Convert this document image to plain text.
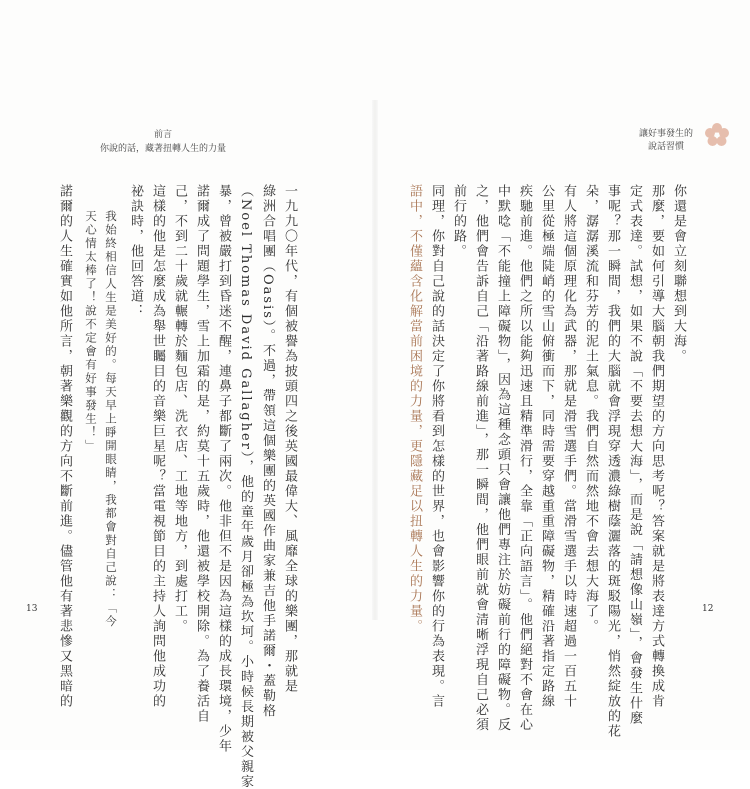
前言
你說的話，藏著扭轉人生的力量
一九九〇年代，有個被譽為披頭四之後英國最偉大、風靡全球的樂團，那就是
綠洲合唱團（Oasis）。不過，帶領這個樂團的英國作曲家兼吉他手諾爾・蓋勒格
（Noel Thomas David Gallagher），他的童年歲月卻極為坎坷。小時候長期被父親家
暴，曾被嚴打到昏迷不醒，連鼻子都斷了兩次。他非但不是因為這樣的成長環境，少年
諾爾成了問題學生，雪上加霜的是，約莫十五歲時，他還被學校開除。為了養活自
己，不到二十歲就輾轉於麵包店、洗衣店、工地等地方，到處打工。
這樣的他是怎麼成為舉世矚目的音樂巨星呢？當電視節目的主持人詢問他成功的
祕訣時，他回答道：
我始終相信人生是美好的。每天早上睜開眼睛，我都會對自己說：「今
天心情太棒了！說不定會有好事發生！」
諾爾的人生確實如他所言，朝著樂觀的方向不斷前進。儘管他有著悲慘又黑暗的
13
讓好事發生的
說話習慣
你還是會立刻聯想到大海。
那麼，要如何引導大腦朝我們期望的方向思考呢？答案就是將表達方式轉換成肯
定式表達。試想，如果不說「不要去想大海」，而是說「請想像山嶺」，會發生什麼
事呢？那一瞬間，我們的大腦就會浮現穿透濃綠樹蔭灑落的斑駁陽光，悄然綻放的花
朵，潺潺溪流和芬芳的泥土氣息。我們自然而然地不會去想大海了。
有人將這個原理化為武器，那就是滑雪選手們。當滑雪選手以時速超過一百五十
公里從極端陡峭的雪山俯衝而下，同時需要穿越重重障礙物，精確沿著指定路線
疾馳前進。他們之所以能夠迅速且精準滑行，全靠「正向語言」。他們絕對不會在心
中默唸「不能撞上障礙物」，因為這種念頭只會讓他們專注於妨礙前行的障礙物。反
之，他們會告訴自己「沿著路線前進」，那一瞬間，他們眼前就會清晰浮現自己必須
前行的路。
同理，你對自己說的話決定了你將看到怎樣的世界，也會影響你的行為表現。言
語中，不僅蘊含化解當前困境的力量，更隱藏足以扭轉人生的力量。	12
